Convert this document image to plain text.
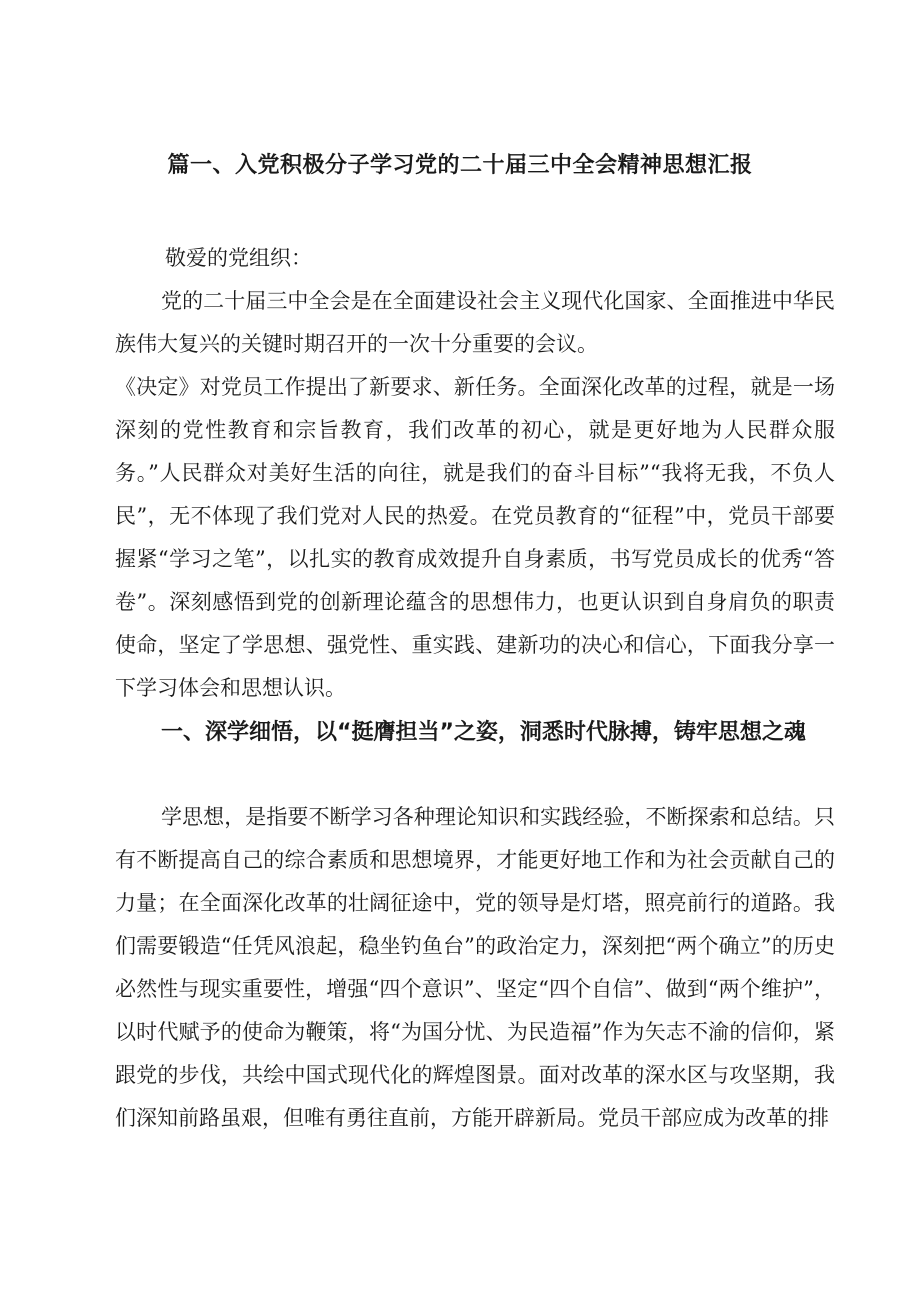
篇一、入党积极分子学习党的二十届三中全会精神思想汇报

敬爱的党组织：

党的二十届三中全会是在全面建设社会主义现代化国家、全面推进中华民族伟大复兴的关键时期召开的一次十分重要的会议。

《决定》对党员工作提出了新要求、新任务。全面深化改革的过程，就是一场深刻的党性教育和宗旨教育，我们改革的初心，就是更好地为人民群众服务。”人民群众对美好生活的向往，就是我们的奋斗目标”“我将无我，不负人民”，无不体现了我们党对人民的热爱。在党员教育的“征程”中，党员干部要握紧“学习之笔”，以扎实的教育成效提升自身素质，书写党员成长的优秀“答卷”。深刻感悟到党的创新理论蕴含的思想伟力，也更认识到自身肩负的职责使命，坚定了学思想、强党性、重实践、建新功的决心和信心，下面我分享一下学习体会和思想认识。

一、深学细悟，以“挺膺担当”之姿，洞悉时代脉搏，铸牢思想之魂

学思想，是指要不断学习各种理论知识和实践经验，不断探索和总结。只有不断提高自己的综合素质和思想境界，才能更好地工作和为社会贡献自己的力量；在全面深化改革的壮阔征途中，党的领导是灯塔，照亮前行的道路。我们需要锻造“任凭风浪起，稳坐钓鱼台”的政治定力，深刻把“两个确立”的历史必然性与现实重要性，增强“四个意识”、坚定“四个自信”、做到“两个维护”，以时代赋予的使命为鞭策，将“为国分忧、为民造福”作为矢志不渝的信仰，紧跟党的步伐，共绘中国式现代化的辉煌图景。面对改革的深水区与攻坚期，我们深知前路虽艰，但唯有勇往直前，方能开辟新局。党员干部应成为改革的排
